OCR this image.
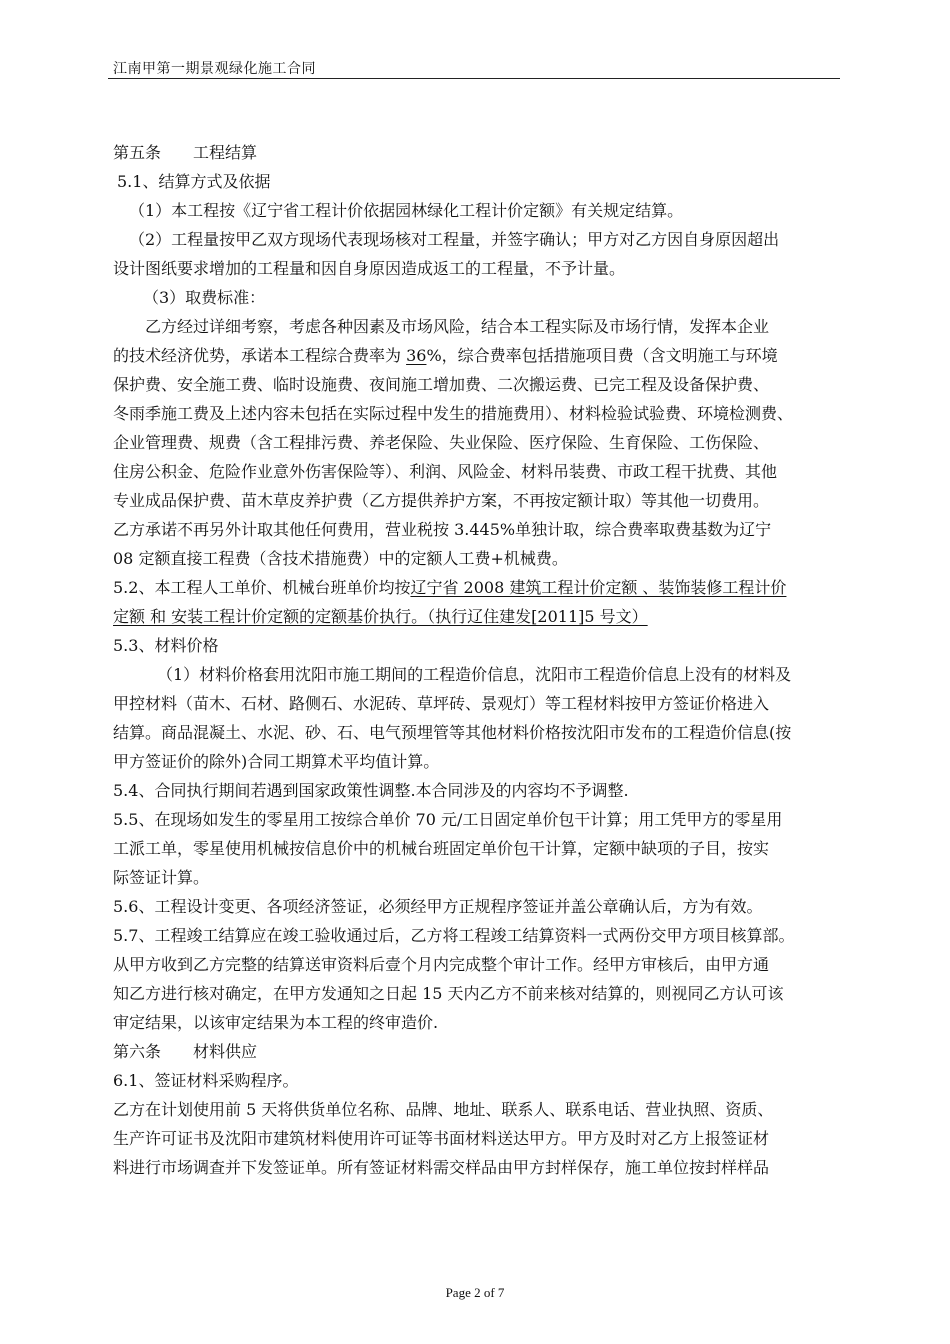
江南甲第一期景观绿化施工合同
第五条　　工程结算
5.1、结算方式及依据
（1）本工程按《辽宁省工程计价依据园林绿化工程计价定额》有关规定结算。
（2）工程量按甲乙双方现场代表现场核对工程量，并签字确认；甲方对乙方因自身原因超出
设计图纸要求增加的工程量和因自身原因造成返工的工程量，不予计量。
（3）取费标准：
乙方经过详细考察，考虑各种因素及市场风险，结合本工程实际及市场行情，发挥本企业
的技术经济优势，承诺本工程综合费率为 36%，综合费率包括措施项目费（含文明施工与环境
保护费、安全施工费、临时设施费、夜间施工增加费、二次搬运费、已完工程及设备保护费、
冬雨季施工费及上述内容未包括在实际过程中发生的措施费用）、材料检验试验费、环境检测费、
企业管理费、规费（含工程排污费、养老保险、失业保险、医疗保险、生育保险、工伤保险、
住房公积金、危险作业意外伤害保险等）、利润、风险金、材料吊装费、市政工程干扰费、其他
专业成品保护费、苗木草皮养护费（乙方提供养护方案，不再按定额计取）等其他一切费用。
乙方承诺不再另外计取其他任何费用，营业税按 3.445%单独计取，综合费率取费基数为辽宁
08 定额直接工程费（含技术措施费）中的定额人工费+机械费。
5.2、本工程人工单价、机械台班单价均按辽宁省 2008 建筑工程计价定额 、装饰装修工程计价
定额 和 安装工程计价定额的定额基价执行。（执行辽住建发[2011]5 号文）
5.3、材料价格
（1）材料价格套用沈阳市施工期间的工程造价信息，沈阳市工程造价信息上没有的材料及
甲控材料（苗木、石材、路侧石、水泥砖、草坪砖、景观灯）等工程材料按甲方签证价格进入
结算。商品混凝土、水泥、砂、石、电气预埋管等其他材料价格按沈阳市发布的工程造价信息(按
甲方签证价的除外)合同工期算术平均值计算。
5.4、合同执行期间若遇到国家政策性调整.本合同涉及的内容均不予调整.
5.5、在现场如发生的零星用工按综合单价 70 元/工日固定单价包干计算；用工凭甲方的零星用
工派工单，零星使用机械按信息价中的机械台班固定单价包干计算，定额中缺项的子目，按实
际签证计算。
5.6、工程设计变更、各项经济签证，必须经甲方正规程序签证并盖公章确认后，方为有效。
5.7、工程竣工结算应在竣工验收通过后，乙方将工程竣工结算资料一式两份交甲方项目核算部。
从甲方收到乙方完整的结算送审资料后壹个月内完成整个审计工作。经甲方审核后，由甲方通
知乙方进行核对确定，在甲方发通知之日起 15 天内乙方不前来核对结算的，则视同乙方认可该
审定结果，以该审定结果为本工程的终审造价.
第六条　　材料供应
6.1、签证材料采购程序。
乙方在计划使用前 5 天将供货单位名称、品牌、地址、联系人、联系电话、营业执照、资质、
生产许可证书及沈阳市建筑材料使用许可证等书面材料送达甲方。甲方及时对乙方上报签证材
料进行市场调查并下发签证单。所有签证材料需交样品由甲方封样保存，施工单位按封样样品
Page 2 of 7
